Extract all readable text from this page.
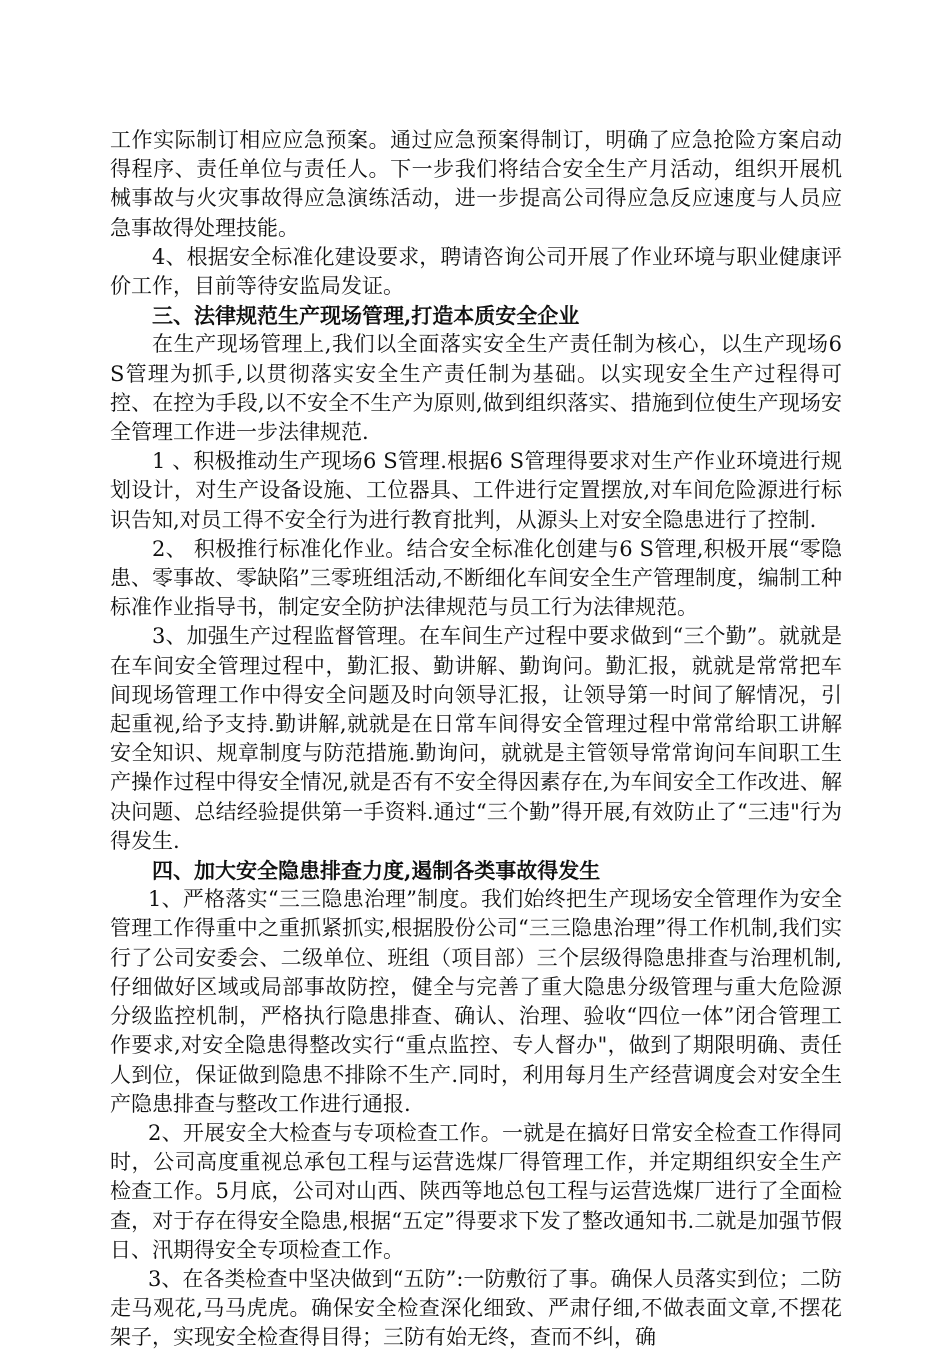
工作实际制订相应应急预案。通过应急预案得制订，明确了应急抢险方案启动得程序、责任单位与责任人。下一步我们将结合安全生产月活动，组织开展机械事故与火灾事故得应急演练活动，进一步提高公司得应急反应速度与人员应急事故得处理技能。

4、根据安全标准化建设要求，聘请咨询公司开展了作业环境与职业健康评价工作，目前等待安监局发证。

三、法律规范生产现场管理,打造本质安全企业

在生产现场管理上,我们以全面落实安全生产责任制为核心，以生产现场6 S管理为抓手,以贯彻落实安全生产责任制为基础。以实现安全生产过程得可控、在控为手段,以不安全不生产为原则,做到组织落实、措施到位使生产现场安全管理工作进一步法律规范.

1 、积极推动生产现场6 S管理.根据6 S管理得要求对生产作业环境进行规划设计，对生产设备设施、工位器具、工件进行定置摆放,对车间危险源进行标识告知,对员工得不安全行为进行教育批判，从源头上对安全隐患进行了控制.

2、 积极推行标准化作业。结合安全标准化创建与6 S管理,积极开展“零隐患、零事故、零缺陷”三零班组活动,不断细化车间安全生产管理制度，编制工种标准作业指导书，制定安全防护法律规范与员工行为法律规范。

3、加强生产过程监督管理。在车间生产过程中要求做到“三个勤”。就就是在车间安全管理过程中，勤汇报、勤讲解、勤询问。勤汇报，就就是常常把车间现场管理工作中得安全问题及时向领导汇报，让领导第一时间了解情况，引起重视,给予支持.勤讲解,就就是在日常车间得安全管理过程中常常给职工讲解安全知识、规章制度与防范措施.勤询问，就就是主管领导常常询问车间职工生产操作过程中得安全情况,就是否有不安全得因素存在,为车间安全工作改进、解决问题、总结经验提供第一手资料.通过“三个勤”得开展,有效防止了“三违"行为得发生.

四、加大安全隐患排查力度,遏制各类事故得发生

1、严格落实“三三隐患治理”制度。我们始终把生产现场安全管理作为安全管理工作得重中之重抓紧抓实,根据股份公司“三三隐患治理”得工作机制,我们实行了公司安委会、二级单位、班组（项目部）三个层级得隐患排查与治理机制,仔细做好区域或局部事故防控，健全与完善了重大隐患分级管理与重大危险源分级监控机制，严格执行隐患排查、确认、治理、验收“四位一体”闭合管理工作要求,对安全隐患得整改实行“重点监控、专人督办"，做到了期限明确、责任人到位，保证做到隐患不排除不生产.同时，利用每月生产经营调度会对安全生产隐患排查与整改工作进行通报.

2、开展安全大检查与专项检查工作。一就是在搞好日常安全检查工作得同时，公司高度重视总承包工程与运营选煤厂得管理工作，并定期组织安全生产检查工作。5月底，公司对山西、陕西等地总包工程与运营选煤厂进行了全面检查，对于存在得安全隐患,根据“五定”得要求下发了整改通知书.二就是加强节假日、汛期得安全专项检查工作。

3、在各类检查中坚决做到“五防”:一防敷衍了事。确保人员落实到位；二防走马观花,马马虎虎。确保安全检查深化细致、严肃仔细,不做表面文章,不摆花架子，实现安全检查得目得；三防有始无终，查而不纠，确
